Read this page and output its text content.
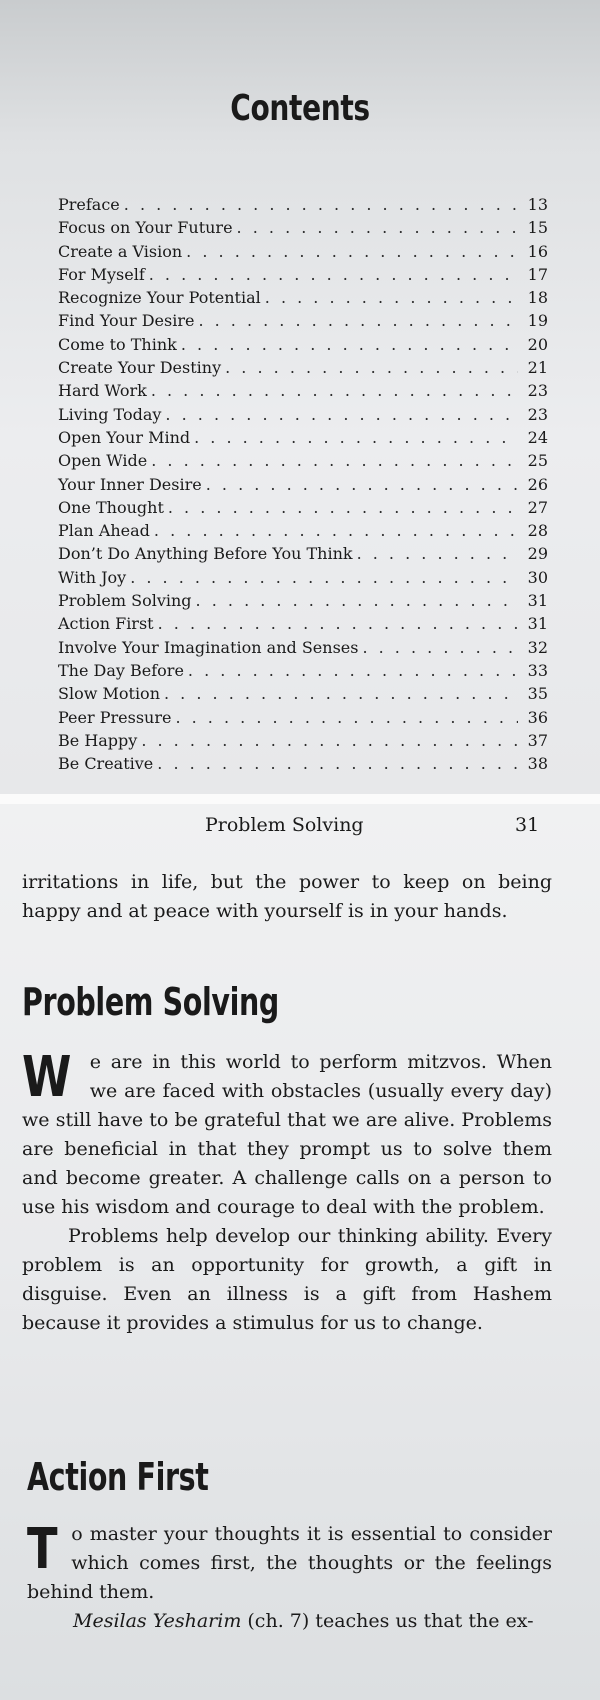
Contents
Preface . . .	13
Focus on Your Future . . .	15
Create a Vision . . .	16
For Myself . . .	17
Recognize Your Potential . . .	18
Find Your Desire . . .	19
Come to Think . . .	20
Create Your Destiny . . .	21
Hard Work . . .	23
Living Today . . .	23
Open Your Mind . . .	24
Open Wide . . .	25
Your Inner Desire . . .	26
One Thought . . .	27
Plan Ahead . . .	28
Don’t Do Anything Before You Think . . .	29
With Joy . . .	30
Problem Solving . . .	31
Action First . . .	31
Involve Your Imagination and Senses . . .	32
The Day Before . . .	33
Slow Motion . . .	35
Peer Pressure . . .	36
Be Happy . . .	37
Be Creative . . .	38
Problem Solving	31

irritations in life, but the power to keep on being happy and at peace with yourself is in your hands.

Problem Solving

We are in this world to perform mitzvos. When we are faced with obstacles (usually every day) we still have to be grateful that we are alive. Problems are beneficial in that they prompt us to solve them and become greater. A challenge calls on a person to use his wisdom and courage to deal with the problem.

Problems help develop our thinking ability. Every problem is an opportunity for growth, a gift in disguise. Even an illness is a gift from Hashem because it provides a stimulus for us to change.

Action First

To master your thoughts it is essential to consider which comes first, the thoughts or the feelings behind them.

Mesilas Yesharim (ch. 7) teaches us that the ex-
